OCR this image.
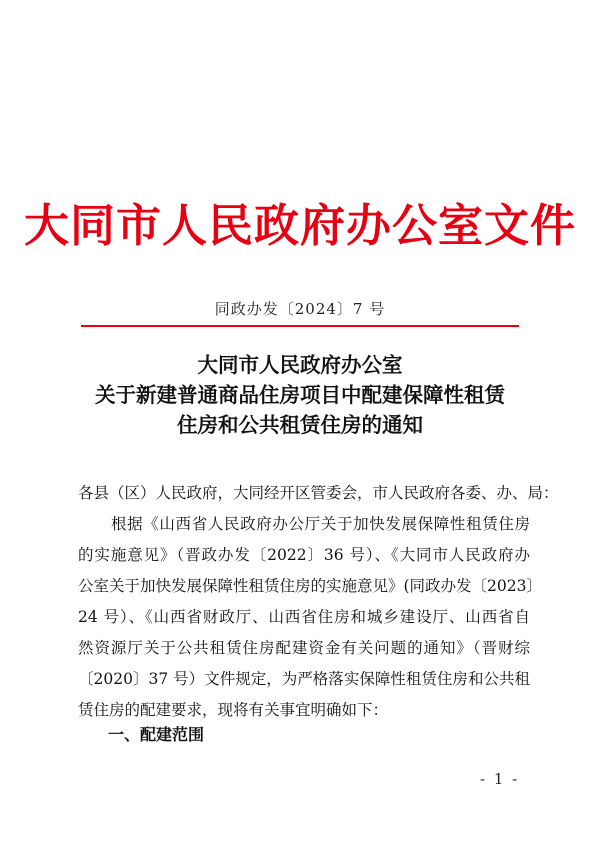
大同市人民政府办公室文件
同政办发〔2024〕7 号
大同市人民政府办公室
关于新建普通商品住房项目中配建保障性租赁
住房和公共租赁住房的通知
各县（区）人民政府，大同经开区管委会，市人民政府各委、办、局：
根据《山西省人民政府办公厅关于加快发展保障性租赁住房
的实施意见》（晋政办发〔2022〕36 号）、《大同市人民政府办
公室关于加快发展保障性租赁住房的实施意见》(同政办发〔2023〕
24 号）、《山西省财政厅、山西省住房和城乡建设厅、山西省自
然资源厅关于公共租赁住房配建资金有关问题的通知》（晋财综
〔2020〕37 号）文件规定，为严格落实保障性租赁住房和公共租
赁住房的配建要求，现将有关事宜明确如下：
一、配建范围
- 1 -
